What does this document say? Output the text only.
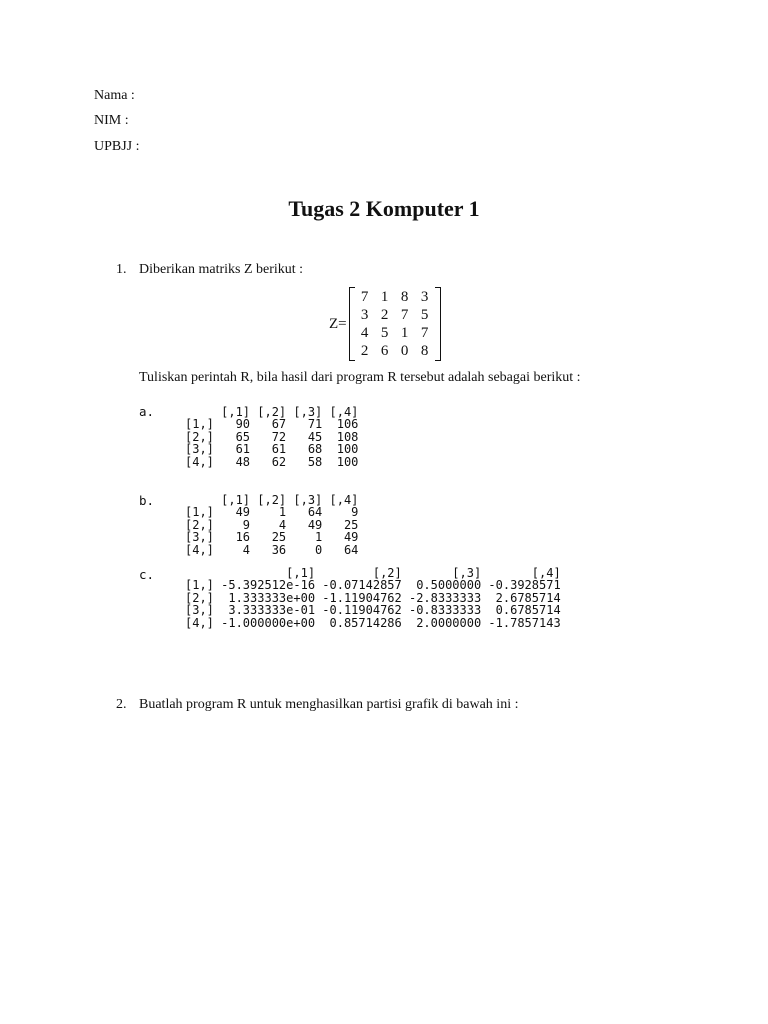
Nama :
NIM :
UPBJJ :
Tugas 2 Komputer 1
1. Diberikan matriks Z berikut :
Z=
7 1 8 3
3 2 7 5
4 5 1 7
2 6 0 8
Tuliskan perintah R, bila hasil dari program R tersebut adalah sebagai berikut :
a.	[,1] [,2] [,3] [,4]
[1,]   90   67   71  106
[2,]   65   72   45  108
[3,]   61   61   68  100
[4,]   48   62   58  100
b.	[,1] [,2] [,3] [,4]
[1,]   49    1   64    9
[2,]    9    4   49   25
[3,]   16   25    1   49
[4,]    4   36    0   64
c.	[,1]        [,2]       [,3]       [,4]
[1,] -5.392512e-16 -0.07142857  0.5000000 -0.3928571
[2,]  1.333333e+00 -1.11904762 -2.8333333  2.6785714
[3,]  3.333333e-01 -0.11904762 -0.8333333  0.6785714
[4,] -1.000000e+00  0.85714286  2.0000000 -1.7857143
2. Buatlah program R untuk menghasilkan partisi grafik di bawah ini :
